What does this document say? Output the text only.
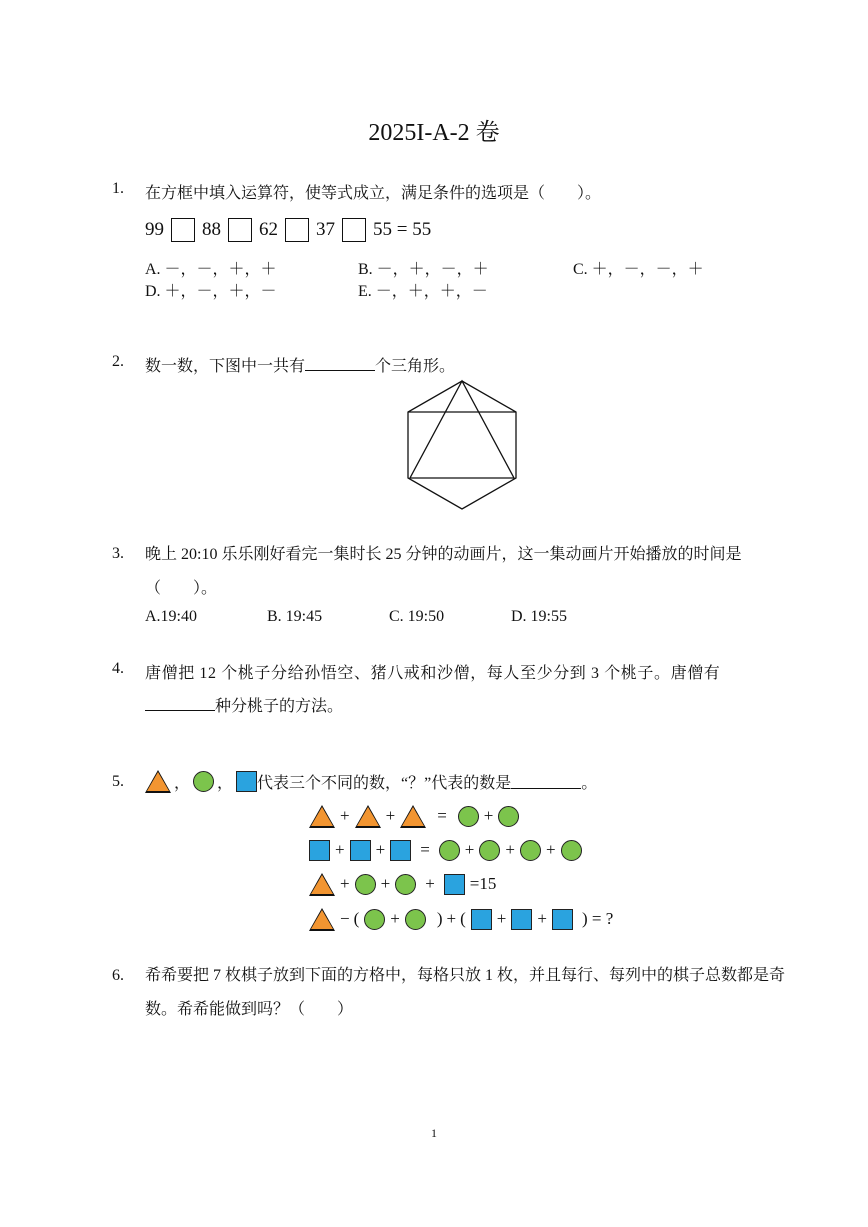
2025I-A-2 卷
1. 在方框中填入运算符，使等式成立，满足条件的选项是（　　）。
99 88 62 37 55 = 55
A. －，－，＋，＋	B. －，＋，－，＋	C. ＋，－，－，＋
D. ＋，－，＋，－	E. －，＋，＋，－
2. 数一数，下图中一共有	个三角形。
3. 晚上 20:10 乐乐刚好看完一集时长 25 分钟的动画片，这一集动画片开始播放的时间是（　　）。
A.19:40	B. 19:45	C. 19:50	D. 19:55
4. 唐僧把 12 个桃子分给孙悟空、猪八戒和沙僧，每人至少分到 3 个桃子。唐僧有
种分桃子的方法。
5.	， ， 代表三个不同的数，“？”代表的数是	。
+ + = +
+ + = + + +
+ + + =15
− ( + ) + ( + + ) = ?
6. 希希要把 7 枚棋子放到下面的方格中，每格只放 1 枚，并且每行、每列中的棋子总数都是奇数。希希能做到吗？（　　）
1
